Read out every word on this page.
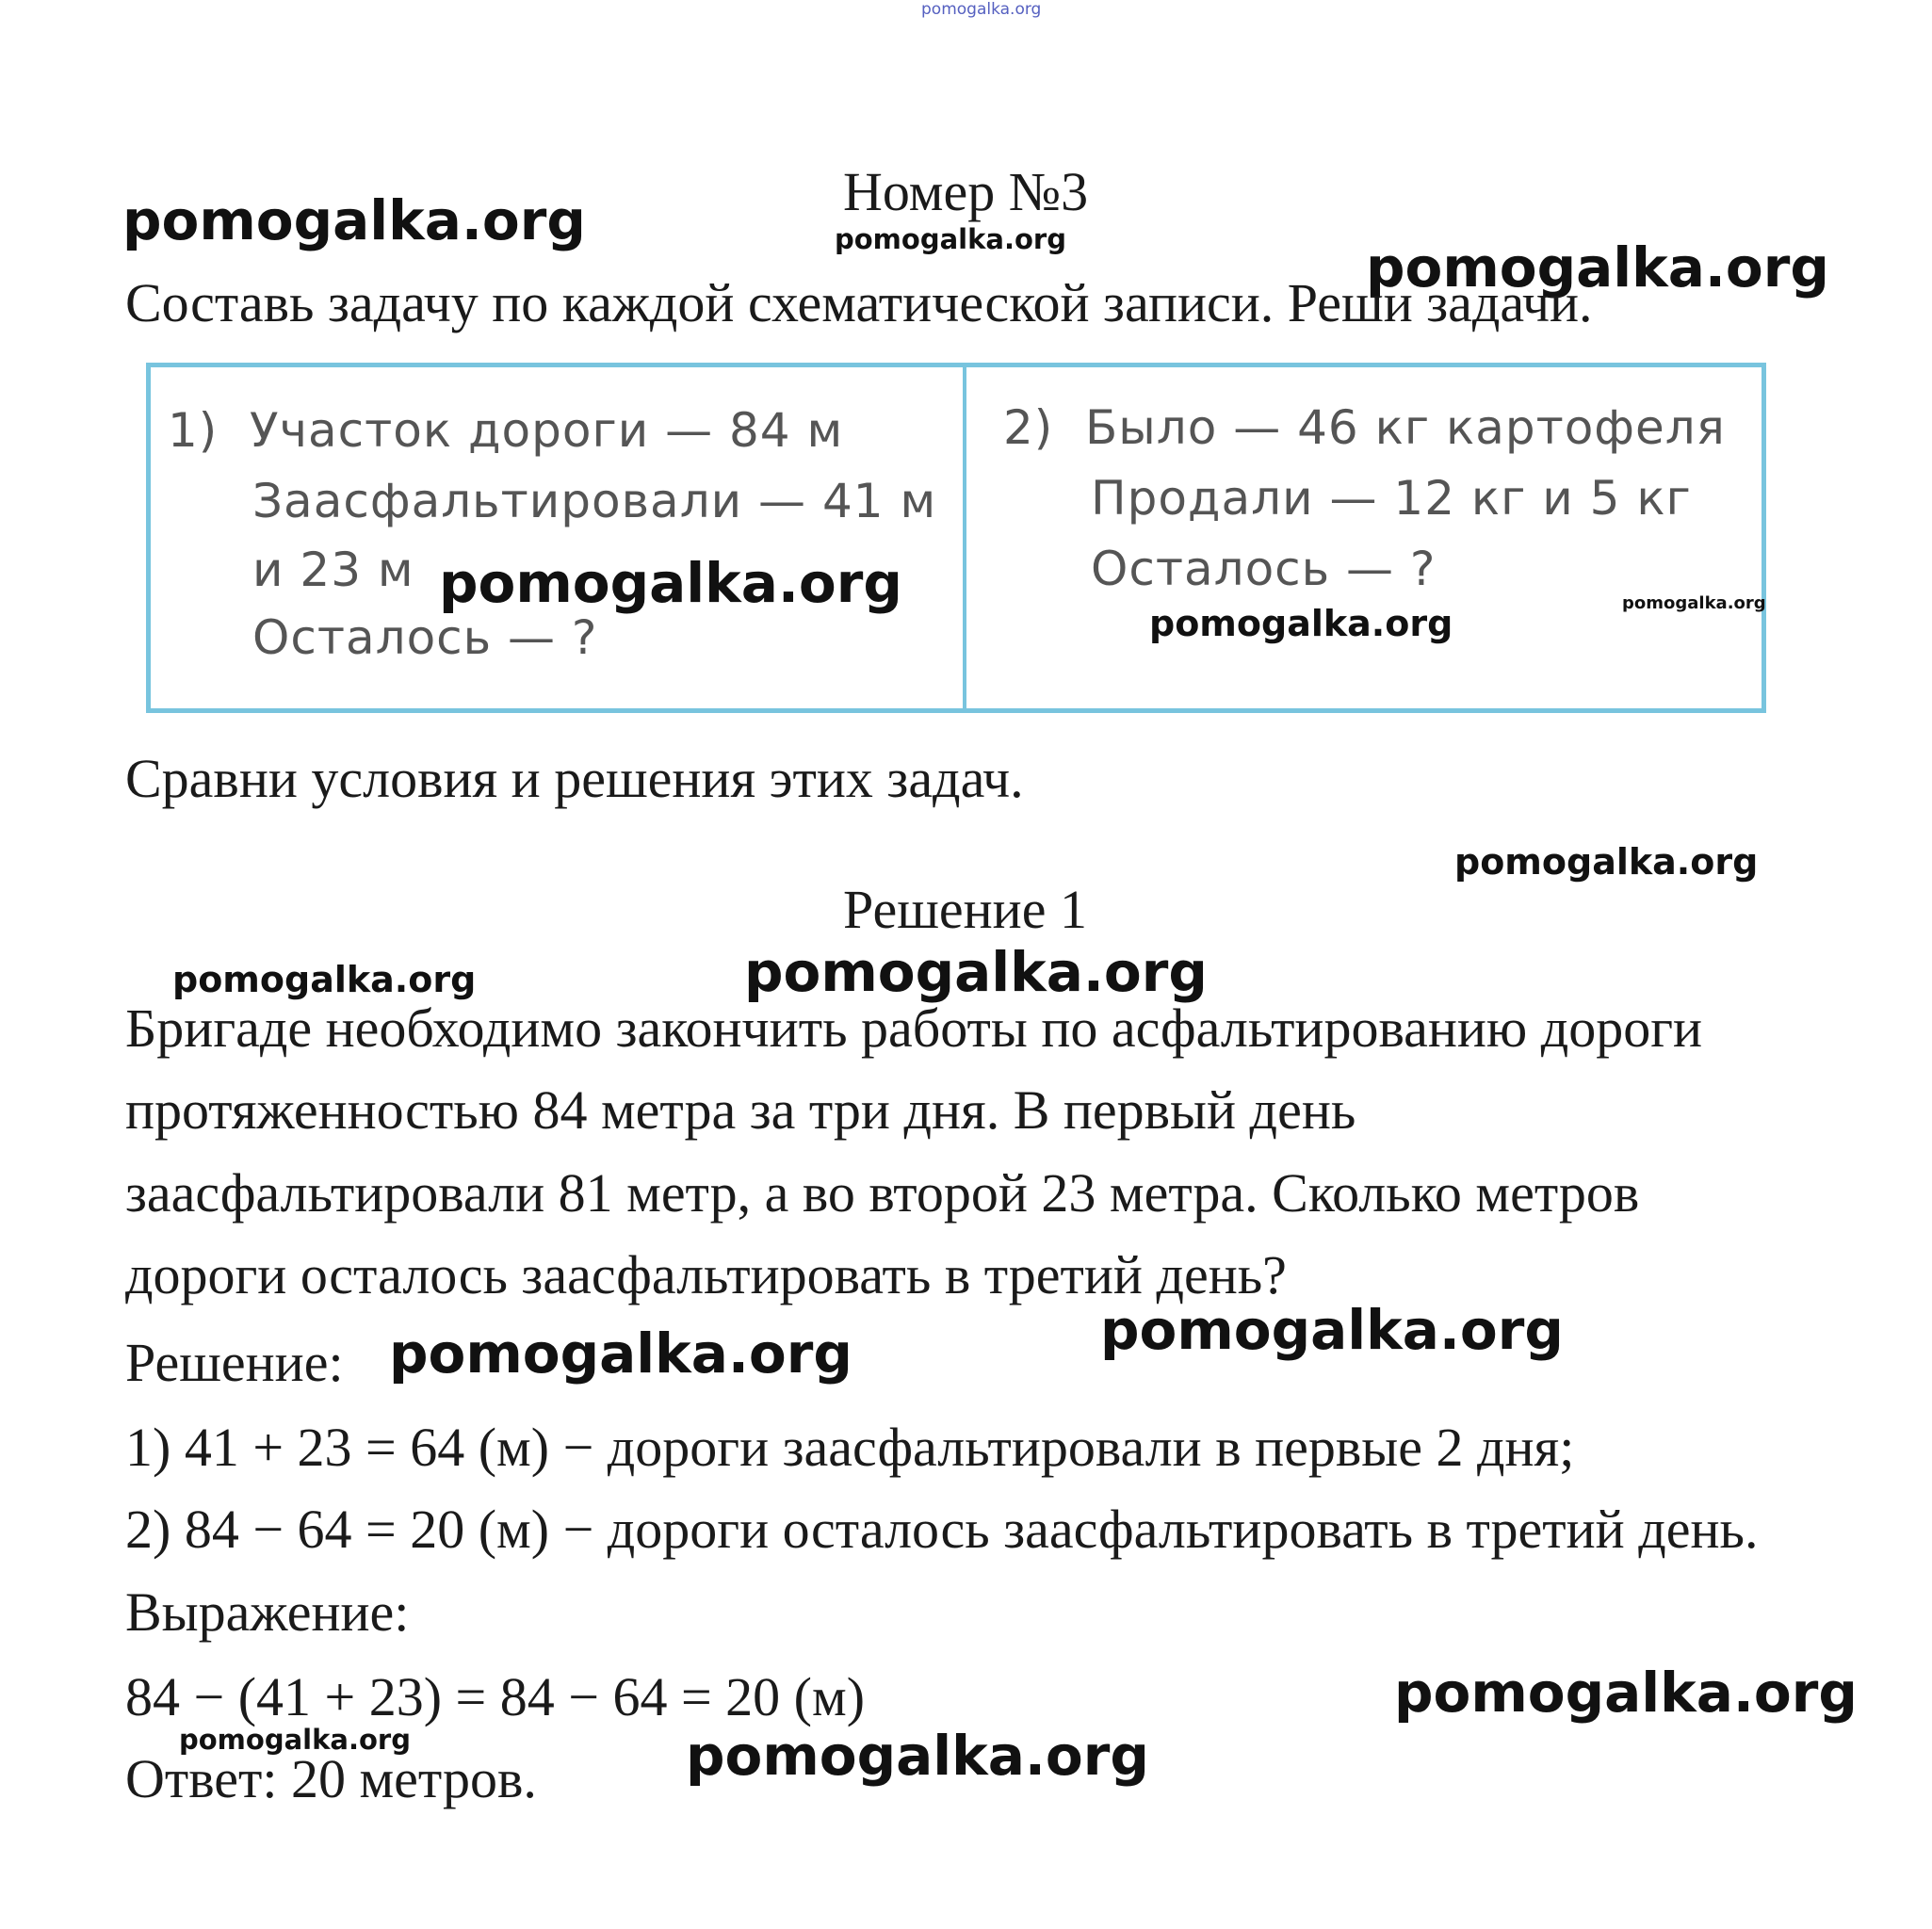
pomogalka.org
Номер №3
pomogalka.org	pomogalka.org	pomogalka.org
Составь задачу по каждой схематической записи. Реши задачи.
1) Участок дороги — 84 м
Заасфальтировали — 41 м
и 23 м
Осталось — ?
2) Было — 46 кг картофеля
Продали — 12 кг и 5 кг
Осталось — ?
pomogalka.org
pomogalka.org	pomogalka.org
Сравни условия и решения этих задач.
pomogalka.org
Решение 1
pomogalka.org	pomogalka.org
Бригаде необходимо закончить работы по асфальтированию дороги
протяженностью 84 метра за три дня. В первый день
заасфальтировали 81 метр, а во второй 23 метра. Сколько метров
дороги осталось заасфальтировать в третий день?
Решение: pomogalka.org	pomogalka.org
1) 41 + 23 = 64 (м) − дороги заасфальтировали в первые 2 дня;
2) 84 − 64 = 20 (м) − дороги осталось заасфальтировать в третий день.
Выражение:
84 − (41 + 23) = 84 − 64 = 20 (м)	pomogalka.org
pomogalka.org
Ответ: 20 метров.	pomogalka.org
